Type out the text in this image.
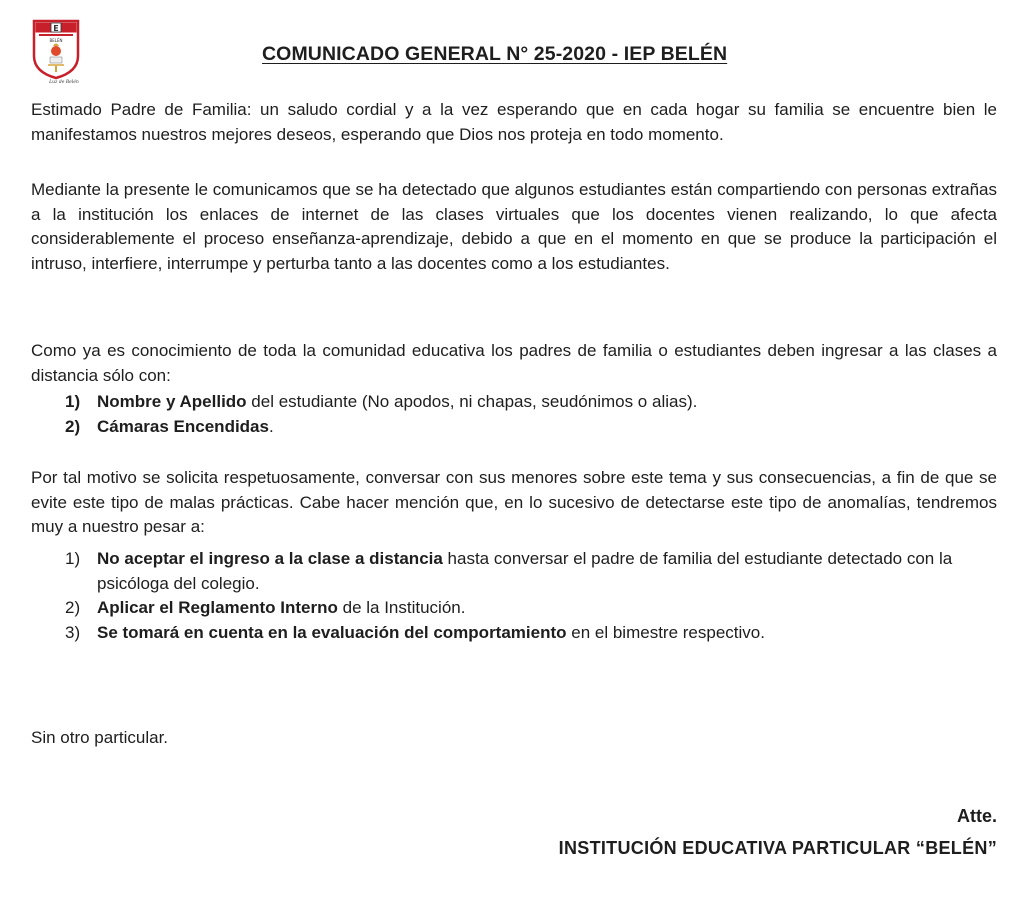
E
BELÉN
Luz de Belén
COMUNICADO GENERAL N° 25-2020 - IEP BELÉN

Estimado Padre de Familia: un saludo cordial y a la vez esperando que en cada hogar su familia se encuentre bien le manifestamos nuestros mejores deseos, esperando que Dios nos proteja en todo momento.

Mediante la presente le comunicamos que se ha detectado que algunos estudiantes están compartiendo con personas extrañas a la institución los enlaces de internet de las clases virtuales que los docentes vienen realizando, lo que afecta considerablemente el proceso enseñanza-aprendizaje, debido a que en el momento en que se produce la participación el intruso, interfiere, interrumpe y perturba tanto a las docentes como a los estudiantes.

Como ya es conocimiento de toda la comunidad educativa los padres de familia o estudiantes deben ingresar a las clases a distancia sólo con:

1) Nombre y Apellido del estudiante (No apodos, ni chapas, seudónimos o alias).
2) Cámaras Encendidas.

Por tal motivo se solicita respetuosamente, conversar con sus menores sobre este tema y sus consecuencias, a fin de que se evite este tipo de malas prácticas. Cabe hacer mención que, en lo sucesivo de detectarse este tipo de anomalías, tendremos muy a nuestro pesar a:

1) No aceptar el ingreso a la clase a distancia hasta conversar el padre de familia del estudiante detectado con la psicóloga del colegio.
2) Aplicar el Reglamento Interno de la Institución.
3) Se tomará en cuenta en la evaluación del comportamiento en el bimestre respectivo.
Sin otro particular.
Atte.
INSTITUCIÓN EDUCATIVA PARTICULAR “BELÉN”
